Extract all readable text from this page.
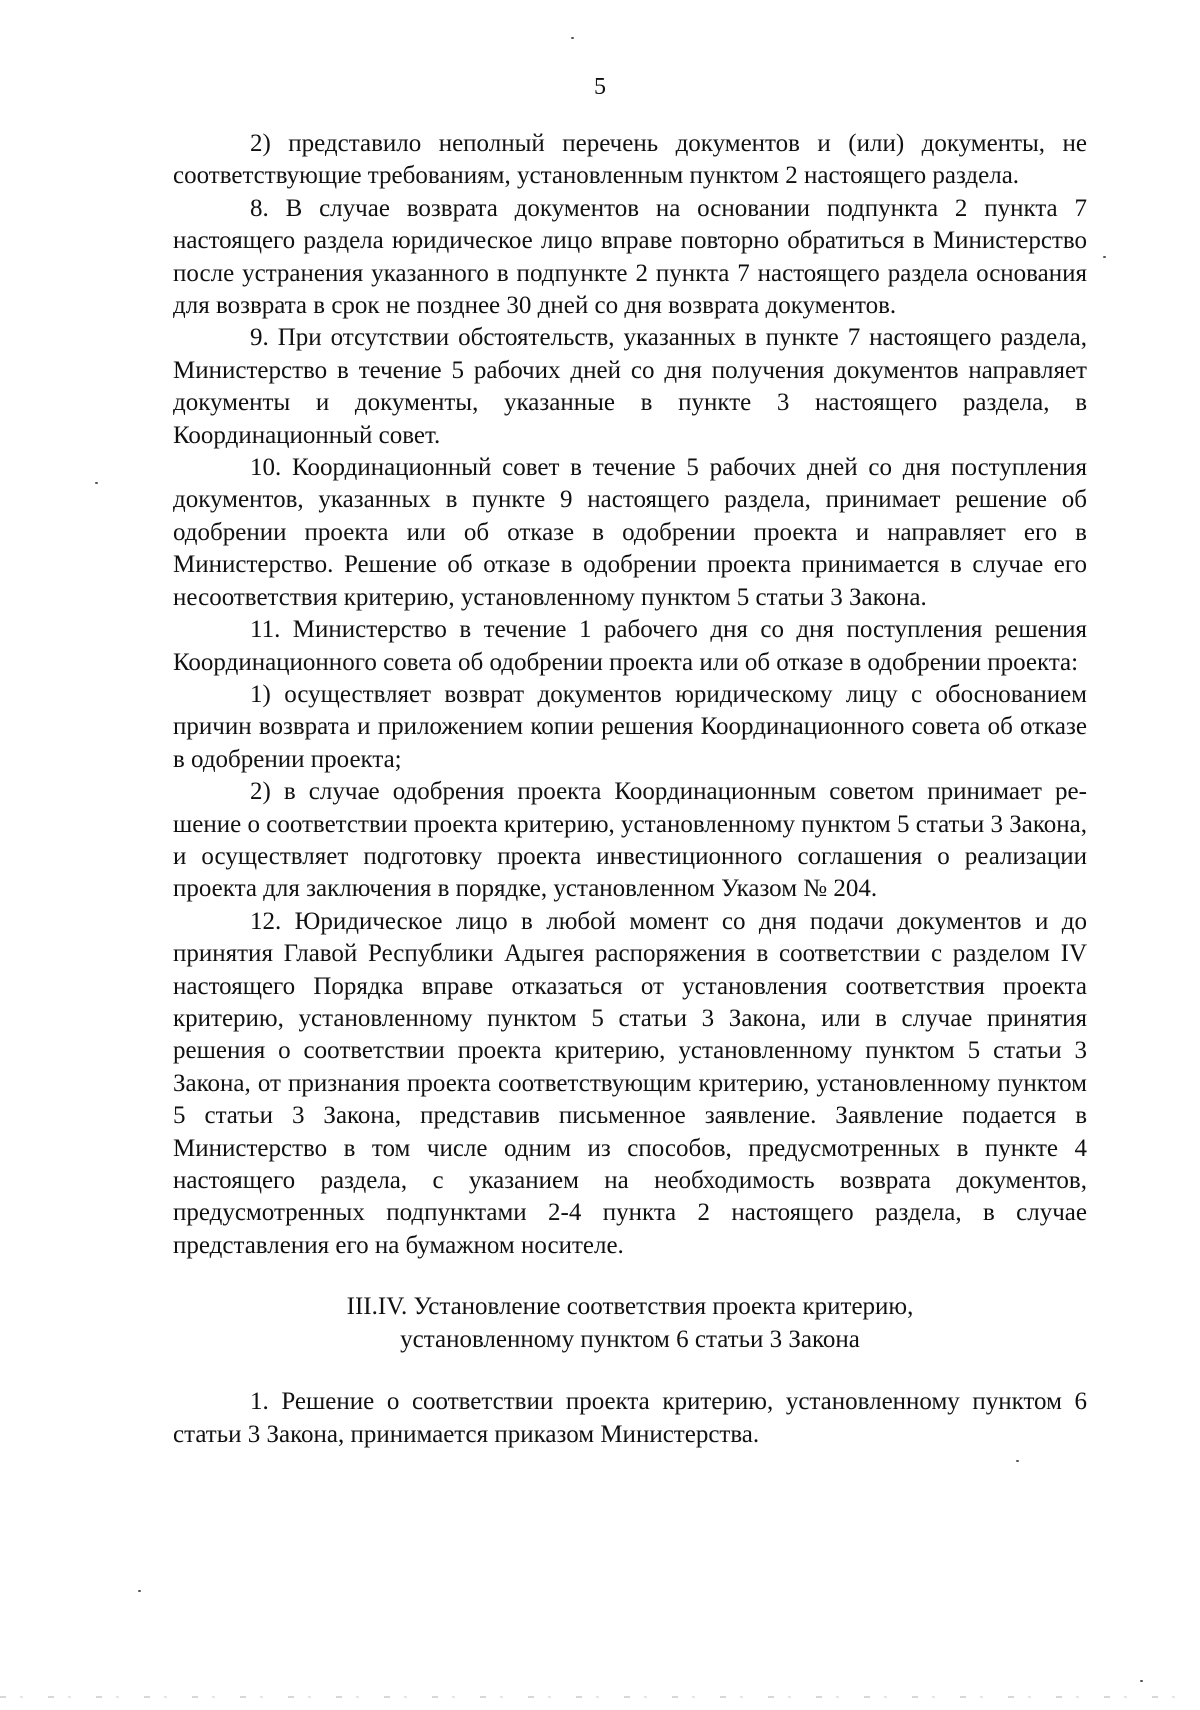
5

2) представило неполный перечень документов и (или) документы, не соответствующие требованиям, установленным пунктом 2 настоящего раздела.

8. В случае возврата документов на основании подпункта 2 пункта 7 настоящего раздела юридическое лицо вправе повторно обратиться в Министерство после устранения указанного в подпункте 2 пункта 7 настоящего раздела основания для возврата в срок не позднее 30 дней со дня возврата документов.

9. При отсутствии обстоятельств, указанных в пункте 7 настоящего раздела, Министерство в течение 5 рабочих дней со дня получения документов направляет документы и документы, указанные в пункте 3 настоящего раздела, в Координационный совет.

10. Координационный совет в течение 5 рабочих дней со дня поступления документов, указанных в пункте 9 настоящего раздела, принимает решение об одобрении проекта или об отказе в одобрении проекта и направляет его в Министерство. Решение об отказе в одобрении проекта принимается в случае его несоответствия критерию, установленному пунктом 5 статьи 3 Закона.

11. Министерство в течение 1 рабочего дня со дня поступления решения Координационного совета об одобрении проекта или об отказе в одобрении проекта:

1) осуществляет возврат документов юридическому лицу с обоснованием причин возврата и приложением копии решения Координационного совета об отказе в одобрении проекта;

2) в случае одобрения проекта Координационным советом принимает решение о соответствии проекта критерию, установленному пунктом 5 статьи 3 Закона, и осуществляет подготовку проекта инвестиционного соглашения о реализации проекта для заключения в порядке, установленном Указом № 204.

12. Юридическое лицо в любой момент со дня подачи документов и до принятия Главой Республики Адыгея распоряжения в соответствии с разделом IV настоящего Порядка вправе отказаться от установления соответствия проекта критерию, установленному пунктом 5 статьи 3 Закона, или в случае принятия решения о соответствии проекта критерию, установленному пунктом 5 статьи 3 Закона, от признания проекта соответствующим критерию, установленному пунктом 5 статьи 3 Закона, представив письменное заявление. Заявление подается в Министерство в том числе одним из способов, предусмотренных в пункте 4 настоящего раздела, с указанием на необходимость возврата документов, предусмотренных подпунктами 2-4 пункта 2 настоящего раздела, в случае представления его на бумажном носителе.

III.IV. Установление соответствия проекта критерию,
установленному пунктом 6 статьи 3 Закона

1. Решение о соответствии проекта критерию, установленному пунктом 6 статьи 3 Закона, принимается приказом Министерства.
